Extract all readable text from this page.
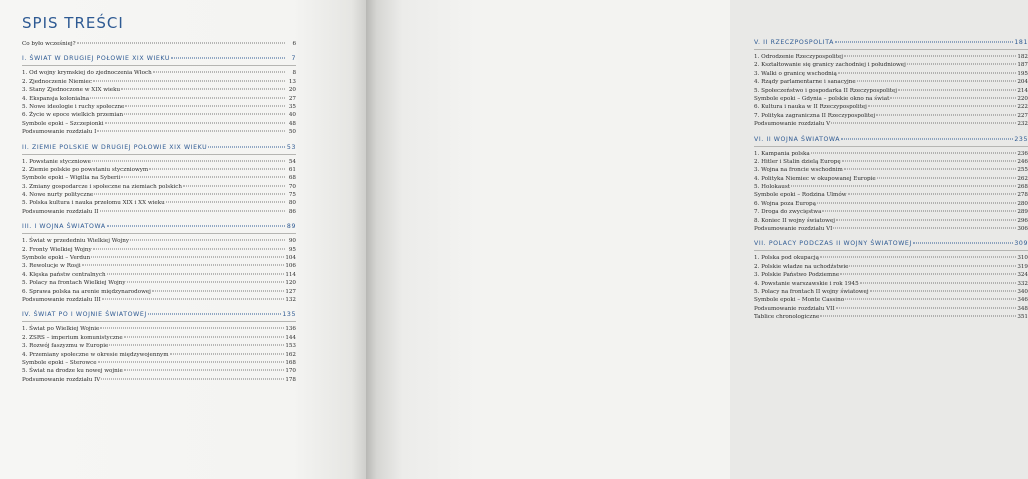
SPIS TREŚCI
Co było wcześniej?	6
I. ŚWIAT W DRUGIEJ POŁOWIE XIX WIEKU	7
1. Od wojny krymskiej do zjednoczenia Włoch	8
2. Zjednoczenie Niemiec	13
3. Stany Zjednoczone w XIX wieku	20
4. Ekspansja kolonialna	27
5. Nowe ideologie i ruchy społeczne	35
6. Życie w epoce wielkich przemian	40
Symbole epoki – Szczepionki	48
Podsumowanie rozdziału I	50
II. ZIEMIE POLSKIE W DRUGIEJ POŁOWIE XIX WIEKU	53
1. Powstanie styczniowe	54
2. Ziemie polskie po powstaniu styczniowym	61
Symbole epoki – Wigilia na Syberii	68
3. Zmiany gospodarcze i społeczne na ziemiach polskich	70
4. Nowe nurty polityczne	75
5. Polska kultura i nauka przełomu XIX i XX wieku	80
Podsumowanie rozdziału II	86
III. I WOJNA ŚWIATOWA	89
1. Świat w przededniu Wielkiej Wojny	90
2. Fronty Wielkiej Wojny	95
Symbole epoki – Verdun	104
3. Rewolucje w Rosji	106
4. Klęska państw centralnych	114
5. Polacy na frontach Wielkiej Wojny	120
6. Sprawa polska na arenie międzynarodowej	127
Podsumowanie rozdziału III	132
IV. ŚWIAT PO I WOJNIE ŚWIATOWEJ	135
1. Świat po Wielkiej Wojnie	136
2. ZSRS – imperium komunistyczne	144
3. Rozwój faszyzmu w Europie	153
4. Przemiany społeczne w okresie międzywojennym	162
Symbole epoki – Sterowce	168
5. Świat na drodze ku nowej wojnie	170
Podsumowanie rozdziału IV	178
V. II RZECZPOSPOLITA	181
1. Odrodzenie Rzeczypospolitej	182
2. Kształtowanie się granicy zachodniej i południowej	187
3. Walki o granicę wschodnią	195
4. Rządy parlamentarne i sanacyjne	204
5. Społeczeństwo i gospodarka II Rzeczypospolitej	214
Symbole epoki – Gdynia – polskie okno na świat	220
6. Kultura i nauka w II Rzeczypospolitej	222
7. Polityka zagraniczna II Rzeczypospolitej	227
Podsumowanie rozdziału V	232
VI. II WOJNA ŚWIATOWA	235
1. Kampania polska	236
2. Hitler i Stalin dzielą Europę	246
3. Wojna na froncie wschodnim	255
4. Polityka Niemiec w okupowanej Europie	262
5. Holokaust	268
Symbole epoki – Rodzina Ulmów	278
6. Wojna poza Europą	280
7. Droga do zwycięstwa	289
8. Koniec II wojny światowej	296
Podsumowanie rozdziału VI	306
VII. POLACY PODCZAS II WOJNY ŚWIATOWEJ	309
1. Polska pod okupacją	310
2. Polskie władze na uchodźstwie	319
3. Polskie Państwo Podziemne	324
4. Powstanie warszawskie i rok 1945	332
5. Polacy na frontach II wojny światowej	340
Symbole epoki – Monte Cassino	346
Podsumowanie rozdziału VII	348
Tablice chronologiczne	351
